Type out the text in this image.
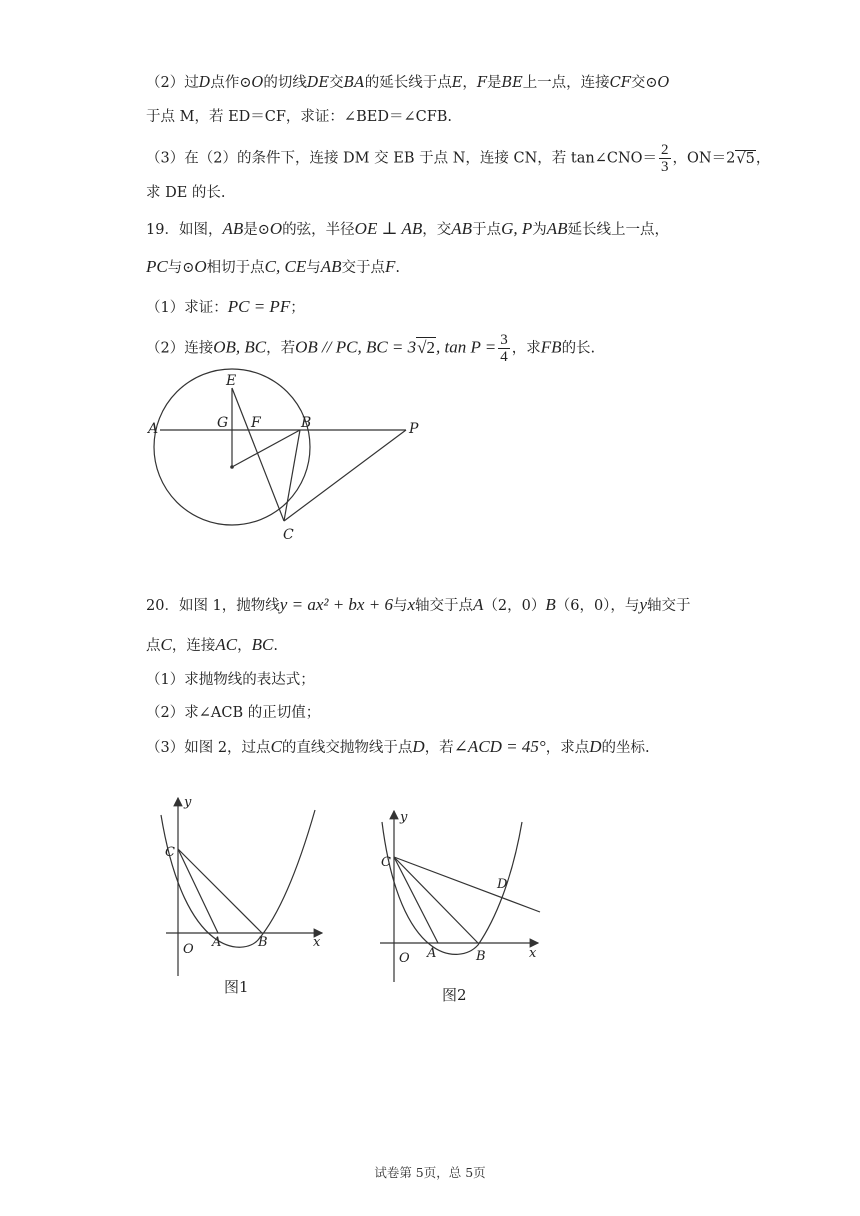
（2）过D点作⊙O的切线DE交BA的延长线于点E，F是BE上一点，连接CF交⊙O
于点 M，若 ED＝CF，求证：∠BED＝∠CFB.
（3）在（2）的条件下，连接 DM 交 EB 于点 N，连接 CN，若 tan∠CNO＝ $\frac{2}{3}$ ，ON＝2√5，
求 DE 的长.
19．如图，AB是⊙O的弦，半径OE ⊥ AB，交AB于点G, P为AB延长线上一点，
PC与⊙O相切于点C, CE与AB交于点F.
（1）求证：PC = PF；
（2）连接OB, BC，若OB // PC, BC = 3√2, $\tan P = \frac{3}{4}$ ，求FB的长.
E
G F	B
A	P
C
20．如图 1，抛物线y = ax² + bx + 6与x轴交于点A（2，0）B（6，0），与y轴交于
点C，连接AC，BC.
（1）求抛物线的表达式；
（2）求∠ACB 的正切值；
（3）如图 2，过点C的直线交抛物线于点D，若∠ACD = 45°，求点D的坐标.
y
C
O A	B	x
图1
y
C
D
O A	B	x
图2
试卷第 5页，总 5页
